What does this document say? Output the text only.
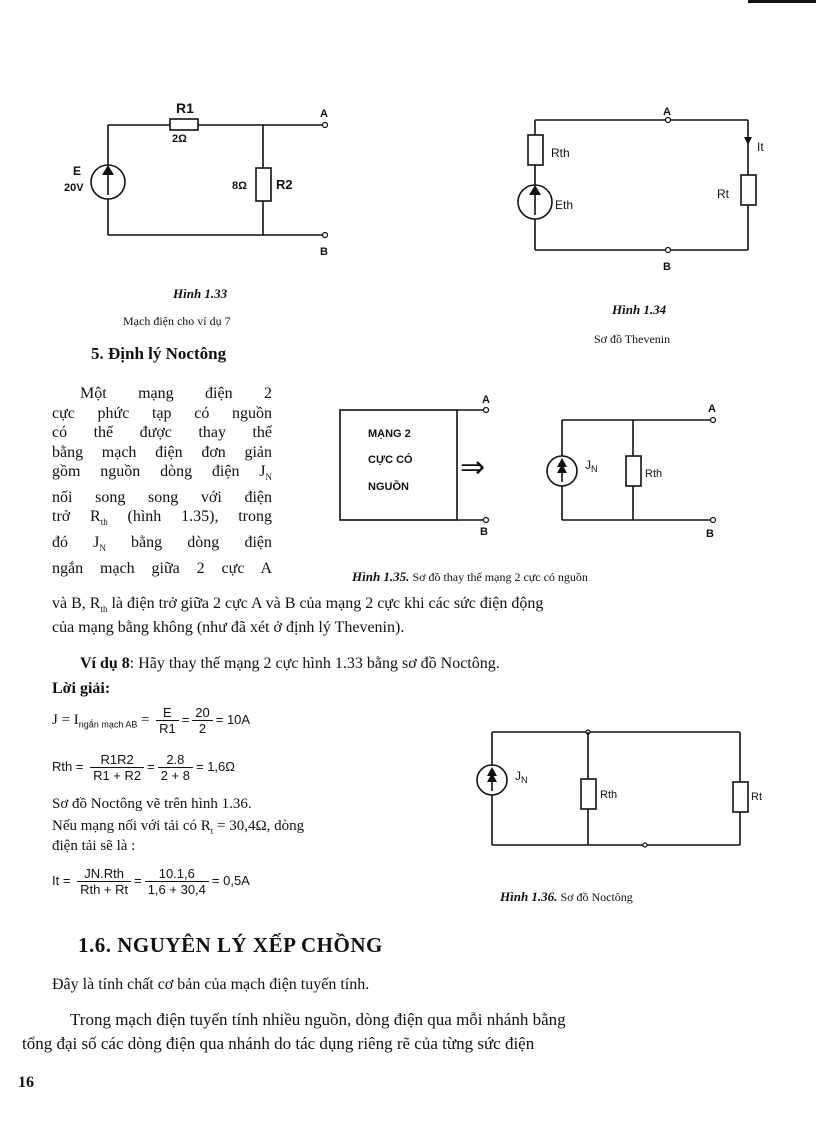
R1
2Ω
E
20V	8Ω R2
A
B
Hình 1.33
Mạch điện cho ví dụ 7
Rth
Eth
It
Rt
A
B
Hình 1.34
Sơ đồ Thevenin
5. Định lý Noctông
Một mạng điện 2
cực phức tạp có nguồn
có thể được thay thế
bằng mạch điện đơn giản
gồm nguồn dòng điện $J_N$
nối song song với điện
trở $R_{th}$ (hình 1.35), trong
đó $J_N$ bằng dòng điện
ngắn mạch giữa 2 cực A
MẠNG 2
CỰC CÓ
NGUỒN
⇒
A
B
$J_N$	Rth
A
B
Hình 1.35. Sơ đồ thay thế mạng 2 cực có nguồn
và B, $R_{th}$ là điện trở giữa 2 cực A và B của mạng 2 cực khi các sức điện động
của mạng bằng không (như đã xét ở định lý Thevenin).
Ví dụ 8: Hãy thay thế mạng 2 cực hình 1.33 bằng sơ đồ Noctông.
Lời giải:
$J = I_{ngắn mạch AB} = \frac{E}{R1} = \frac{20}{2} = 10A$
Rth = $\frac{R1R2}{R1 + R2} = \frac{2.8}{2 + 8} = 1,6\Omega$
Sơ đồ Noctông vẽ trên hình 1.36.
Nếu mạng nối với tải có $R_t = 30,4\Omega$, dòng
điện tải sẽ là :
$It = \frac{\text{JN.Rth}}{\text{Rth + Rt}} = \frac{10.1,6}{1,6 + 30,4} = 0,5A$
$J_N$
Rth	Rt
Hình 1.36. Sơ đồ Noctông
1.6. NGUYÊN LÝ XẾP CHỒNG
Đây là tính chất cơ bản của mạch điện tuyến tính.
Trong mạch điện tuyến tính nhiều nguồn, dòng điện qua mỗi nhánh bằng
tổng đại số các dòng điện qua nhánh do tác dụng riêng rẽ của từng sức điện
16
